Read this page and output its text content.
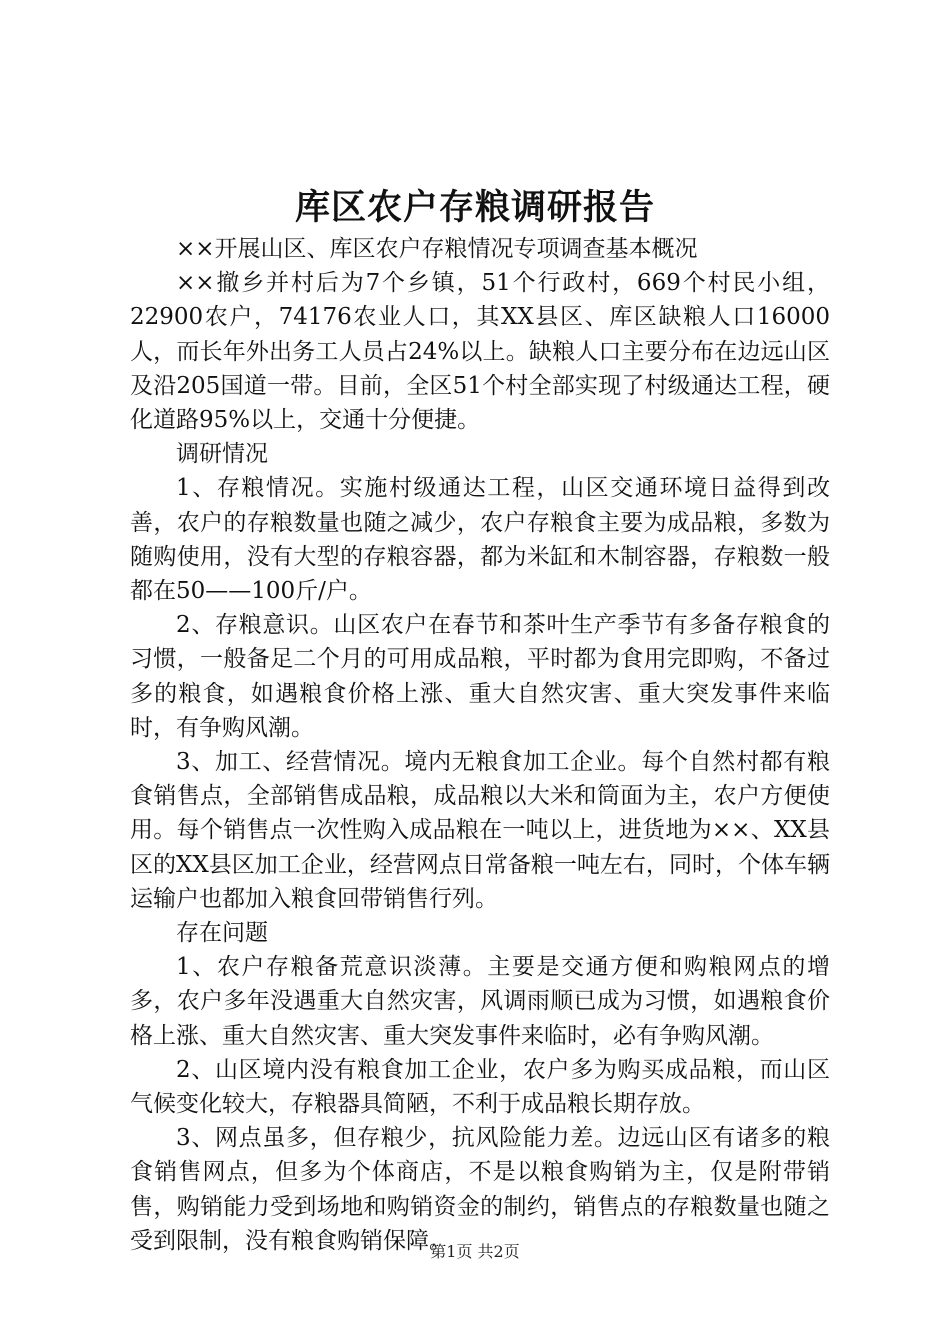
库区农户存粮调研报告

××开展山区、库区农户存粮情况专项调查基本概况

××撤乡并村后为7个乡镇，51个行政村，669个村民小组，22900农户，74176农业人口，其XX县区、库区缺粮人口16000人，而长年外出务工人员占24%以上。缺粮人口主要分布在边远山区及沿205国道一带。目前，全区51个村全部实现了村级通达工程，硬化道路95%以上，交通十分便捷。

调研情况

1、存粮情况。实施村级通达工程，山区交通环境日益得到改善，农户的存粮数量也随之减少，农户存粮食主要为成品粮，多数为随购使用，没有大型的存粮容器，都为米缸和木制容器，存粮数一般都在50——100斤/户。

2、存粮意识。山区农户在春节和茶叶生产季节有多备存粮食的习惯，一般备足二个月的可用成品粮，平时都为食用完即购，不备过多的粮食，如遇粮食价格上涨、重大自然灾害、重大突发事件来临时，有争购风潮。

3、加工、经营情况。境内无粮食加工企业。每个自然村都有粮食销售点，全部销售成品粮，成品粮以大米和筒面为主，农户方便使用。每个销售点一次性购入成品粮在一吨以上，进货地为××、XX县区的XX县区加工企业，经营网点日常备粮一吨左右，同时，个体车辆运输户也都加入粮食回带销售行列。

存在问题

1、农户存粮备荒意识淡薄。主要是交通方便和购粮网点的增多，农户多年没遇重大自然灾害，风调雨顺已成为习惯，如遇粮食价格上涨、重大自然灾害、重大突发事件来临时，必有争购风潮。

2、山区境内没有粮食加工企业，农户多为购买成品粮，而山区气候变化较大，存粮器具简陋，不利于成品粮长期存放。

3、网点虽多，但存粮少，抗风险能力差。边远山区有诸多的粮食销售网点，但多为个体商店，不是以粮食购销为主，仅是附带销售，购销能力受到场地和购销资金的制约，销售点的存粮数量也随之受到限制，没有粮食购销保障。

第1页 共2页
